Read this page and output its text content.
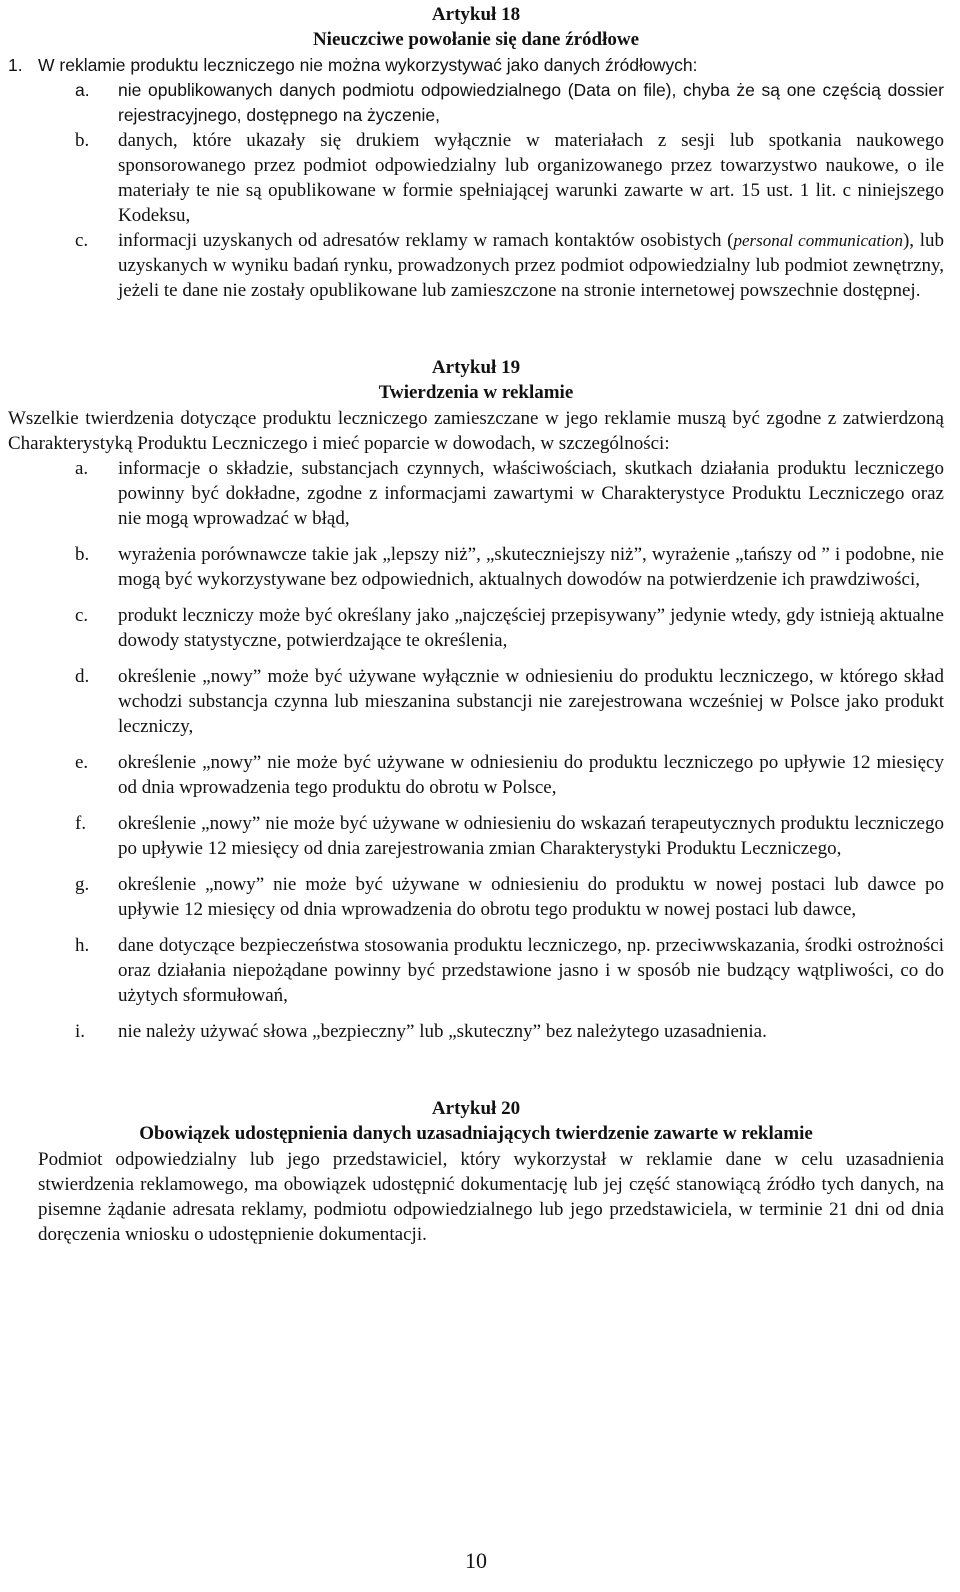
Artykuł 18

Nieuczciwe powołanie się dane źródłowe

1. W reklamie produktu leczniczego nie można wykorzystywać jako danych źródłowych:
a. nie opublikowanych danych podmiotu odpowiedzialnego (Data on file), chyba że są one częścią dossier rejestracyjnego, dostępnego na życzenie,
b. danych, które ukazały się drukiem wyłącznie w materiałach z sesji lub spotkania naukowego sponsorowanego przez podmiot odpowiedzialny lub organizowanego przez towarzystwo naukowe, o ile materiały te nie są opublikowane w formie spełniającej warunki zawarte w art. 15 ust. 1 lit. c niniejszego Kodeksu,
c. informacji uzyskanych od adresatów reklamy w ramach kontaktów osobistych (personal communication), lub uzyskanych w wyniku badań rynku, prowadzonych przez podmiot odpowiedzialny lub podmiot zewnętrzny, jeżeli te dane nie zostały opublikowane lub zamieszczone na stronie internetowej powszechnie dostępnej.

Artykuł 19

Twierdzenia w reklamie

Wszelkie twierdzenia dotyczące produktu leczniczego zamieszczane w jego reklamie muszą być zgodne z zatwierdzoną Charakterystyką Produktu Leczniczego i mieć poparcie w dowodach, w szczególności:

a. informacje o składzie, substancjach czynnych, właściwościach, skutkach działania produktu leczniczego powinny być dokładne, zgodne z informacjami zawartymi w Charakterystyce Produktu Leczniczego oraz nie mogą wprowadzać w błąd,
b. wyrażenia porównawcze takie jak „lepszy niż”, „skuteczniejszy niż”, wyrażenie „tańszy od ” i podobne, nie mogą być wykorzystywane bez odpowiednich, aktualnych dowodów na potwierdzenie ich prawdziwości,
c. produkt leczniczy może być określany jako „najczęściej przepisywany” jedynie wtedy, gdy istnieją aktualne dowody statystyczne, potwierdzające te określenia,
d. określenie „nowy” może być używane wyłącznie w odniesieniu do produktu leczniczego, w którego skład wchodzi substancja czynna lub mieszanina substancji nie zarejestrowana wcześniej w Polsce jako produkt leczniczy,
e. określenie „nowy” nie może być używane w odniesieniu do produktu leczniczego po upływie 12 miesięcy od dnia wprowadzenia tego produktu do obrotu w Polsce,
f. określenie „nowy” nie może być używane w odniesieniu do wskazań terapeutycznych produktu leczniczego po upływie 12 miesięcy od dnia zarejestrowania zmian Charakterystyki Produktu Leczniczego,
g. określenie „nowy” nie może być używane w odniesieniu do produktu w nowej postaci lub dawce po upływie 12 miesięcy od dnia wprowadzenia do obrotu tego produktu w nowej postaci lub dawce,
h. dane dotyczące bezpieczeństwa stosowania produktu leczniczego, np. przeciwwskazania, środki ostrożności oraz działania niepożądane powinny być przedstawione jasno i w sposób nie budzący wątpliwości, co do użytych sformułowań,
i. nie należy używać słowa „bezpieczny” lub „skuteczny” bez należytego uzasadnienia.

Artykuł 20

Obowiązek udostępnienia danych uzasadniających twierdzenie zawarte w reklamie

Podmiot odpowiedzialny lub jego przedstawiciel, który wykorzystał w reklamie dane w celu uzasadnienia stwierdzenia reklamowego, ma obowiązek udostępnić dokumentację lub jej część stanowiącą źródło tych danych, na pisemne żądanie adresata reklamy, podmiotu odpowiedzialnego lub jego przedstawiciela, w terminie 21 dni od dnia doręczenia wniosku o udostępnienie dokumentacji.

10
